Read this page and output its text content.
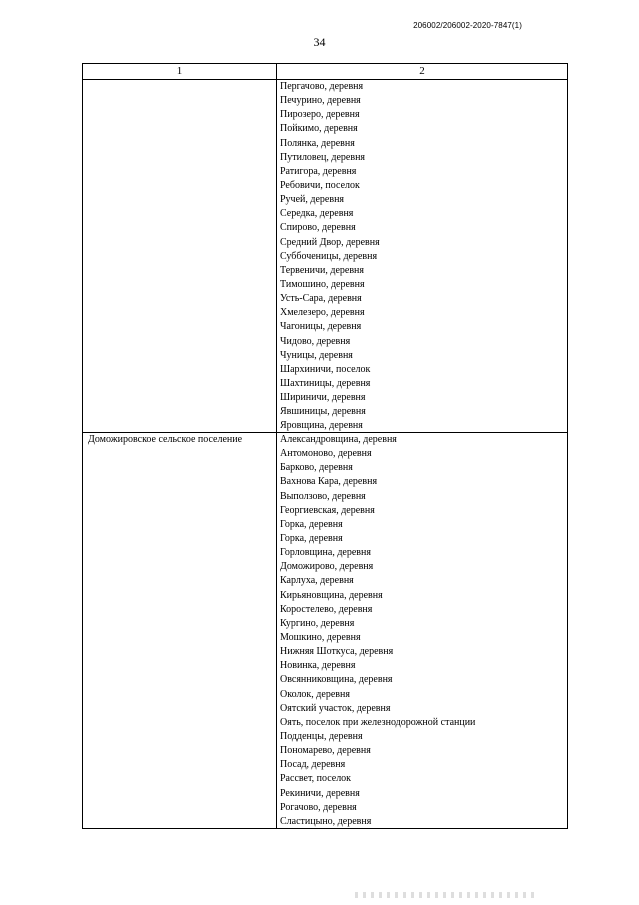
206002/206002-2020-7847(1)
34
1	2
Пергачово, деревня
Печурино, деревня
Пирозеро, деревня
Пойкимо, деревня
Полянка, деревня
Путиловец, деревня
Ратигора, деревня
Ребовичи, поселок
Ручей, деревня
Середка, деревня
Спирово, деревня
Средний Двор, деревня
Суббоченицы, деревня
Тервеничи, деревня
Тимошино, деревня
Усть-Сара, деревня
Хмелезеро, деревня
Чагоницы, деревня
Чидово, деревня
Чуницы, деревня
Шархиничи, поселок
Шахтиницы, деревня
Шириничи, деревня
Явшиницы, деревня
Яровщина, деревня
Доможировское сельское поселение	Александровщина, деревня
Антомоново, деревня
Барково, деревня
Вахнова Кара, деревня
Выползово, деревня
Георгиевская, деревня
Горка, деревня
Горка, деревня
Горловщина, деревня
Доможирово, деревня
Карлуха, деревня
Кирьяновщина, деревня
Коростелево, деревня
Кургино, деревня
Мошкино, деревня
Нижняя Шоткуса, деревня
Новинка, деревня
Овсянниковщина, деревня
Околок, деревня
Оятский участок, деревня
Оять, поселок при железнодорожной станции
Подденцы, деревня
Пономарево, деревня
Посад, деревня
Рассвет, поселок
Рекиничи, деревня
Рогачово, деревня
Сластицыно, деревня
